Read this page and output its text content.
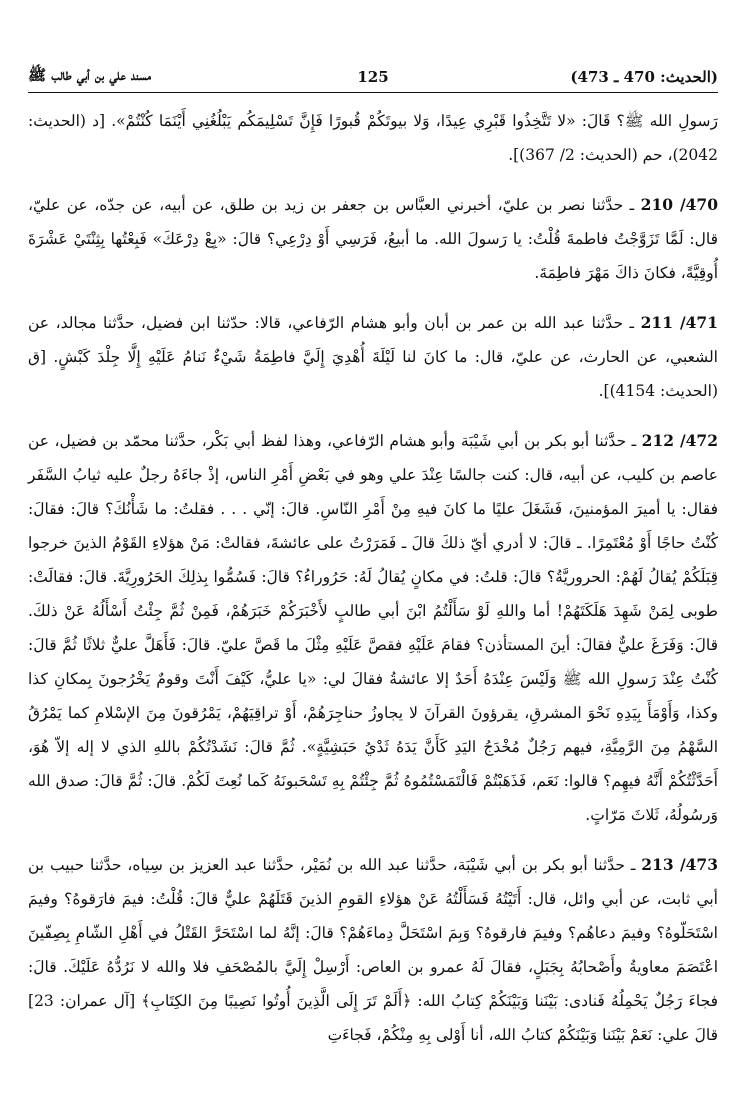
مسند علي بن أبي طالب ﷺ	125	(الحديث: 470 ـ 473)

رَسولِ الله ﷺ؟ قَالَ: «لا تَتَّخِذُوا قَبْرِي عِيدًا، وَلا بيوتَكُمْ قُبورًا فَإِنَّ تَسْلِيمَكُم يَبْلُغُنِي أَيْنَمَا كُنْتُمْ». [د (الحديث: 2042)، حم (الحديث: 2/ 367)].

470/ 210 ـ حدَّثنا نصر بن عليّ، أخبرني العبَّاس بن جعفر بن زيد بن طلق، عن أبيه، عن جدّه، عن عليّ، قال: لَمَّا تَزَوَّجْتُ فاطمةَ قُلْتُ: يا رَسولَ الله. ما أبيعُ، فَرَسِي أَوْ دِرْعِي؟ قالَ: «بِعْ دِرْعَكَ» فَبِعْتُها بِثِنْتَيْ عَشْرَةَ أُوقِيَّةً، فكانَ ذاكَ مَهْرَ فاطِمَةَ.

471/ 211 ـ حدَّثنا عبد الله بن عمر بن أبان وأبو هشام الرّفاعي، قالا: حدّثنا ابن فضيل، حدَّثنا مجالد، عن الشعبي، عن الحارث، عن عليّ، قال: ما كانَ لنا لَيْلَةَ أُهْدِيَ إِلَيَّ فاطِمَةُ شَيْءٌ نَنامُ عَلَيْهِ إِلَّا جِلْدَ كَبْشٍ. [ق (الحديث: 4154)].

472/ 212 ـ حدَّثنا أبو بكر بن أبي شَيْبَة وأبو هشام الرّفاعي، وهذا لفظ أبي بَكْر، حدَّثنا محمّد بن فضيل، عن عاصم بن كليب، عن أبيه، قال: كنت جالسًا عِنْدَ علي وهو في بَعْضِ أَمْرِ الناس، إذْ جاءَهُ رجلٌ عليه ثيابُ السَّفَر فقال: يا أميرَ المؤمنينَ، فَشَغَلَ عليًا ما كانَ فيهِ مِنْ أَمْرِ النّاسِ. قالَ: إنّي . . . فقلتُ: ما شَأْنُكَ؟ قالَ: فقالَ: كُنْتُ حاجًا أَوْ مُعْتَمِرًا. ـ قالَ: لا أدري أيّ ذلكَ قالَ ـ فَمَرَرْتُ على عائشةَ، فقالتْ: مَنْ هؤلاءِ القَوْمُ الذينَ خرجوا قِبَلَكُمْ يُقالُ لَهُمْ: الحروريَّةُ؟ قالَ: قلتُ: في مكانٍ يُقالُ لَهُ: حَرُوراءُ؟ قالَ: فَسُمُّوا بِذلِكَ الحَرُورِيَّةَ. قالَ: فقالَتْ: طوبى لِمَنْ شَهِدَ هَلَكَتَهُمْ! أما واللهِ لَوْ سَأَلْتُمُ ابْنَ أبي طالبٍ لأَخْبَرَكُمْ خَبَرَهُمْ، فَمِنْ ثُمَّ جِئْتُ أَسْأَلُهُ عَنْ ذلكَ. قالَ: وَفَرَغَ عليٌّ فقالَ: أينَ المستأذن؟ فقامَ عَلَيْهِ فقصَّ عَلَيْهِ مِثْلَ ما قَصَّ عليّ. قالَ: فَأَهَلَّ عليٌّ ثلاثًا ثُمَّ قالَ: كُنْتُ عِنْدَ رَسولِ الله ﷺ وَلَيْسَ عِنْدَهُ أَحَدٌ إلا عائشةُ فقالَ لي: «يا عليُّ، كَيْفَ أَنْتَ وقومٌ يَخْرُجونَ بِمكانِ كذا وكذا، وَأَوْمَأَ بِيَدِهِ نَحْوَ المشرقِ، يقرؤونَ القرآنَ لا يجاوزُ حناجِرَهُمْ، أَوْ تراقِيَهُمْ، يَمْرُقونَ مِنَ الإسْلامِ كما يَمْرُقُ السَّهْمُ مِنَ الرَّمِيَّةِ، فيهم رَجُلٌ مُخْدَجُ اليَدِ كَأَنَّ يَدَهُ ثَدْيُ حَبَشِيَّةٍ». ثُمَّ قالَ: نَشَدْتُكُمْ باللهِ الذي لا إله إلاّ هُوَ، أَحَدَّثْتُكُمْ أَنَّهُ فيهِم؟ قالوا: نَعَم، فَذَهَبْتُمْ فَالْتَمَسْتُمُوهُ ثُمَّ جِئْتُمْ بِهِ تَسْحَبونَهُ كَما نُعِتَ لَكُمْ. قالَ: ثُمَّ قالَ: صدق الله وَرسُولُهُ، ثَلاثَ مَرّاتٍ.

473/ 213 ـ حدَّثنا أبو بكر بن أبي شَيْبَة، حدَّثنا عبد الله بن نُمَيْر، حدَّثنا عبد العزيز بن سِياه، حدَّثنا حبيب بن أبي ثابت، عن أبي وائل، قال: أَتَيْتُهُ فَسَأَلْتُهُ عَنْ هؤلاءِ القومِ الذينَ قَتَلَهُمْ عليٌّ قالَ: قُلْتُ: فيمَ فارَقوهُ؟ وفيمَ اسْتَحَلّوهُ؟ وفيمَ دعاهُم؟ وفيمَ فارقوهُ؟ وَبِمَ اسْتَحَلَّ دِماءَهُمْ؟ قالَ: إنَّهُ لما اسْتَحَرَّ القَتْلُ في أَهْلِ الشّامِ بِصِفّينَ اعْتَصَمَ معاويةُ وأَصْحابُهُ بِجَبَلٍ، فقالَ لَهُ عمرو بن العاص: أَرْسِلْ إِلَيَّ بالمُصْحَفِ فلا والله لا نَرُدُّهُ عَلَيْكَ. قالَ: فجاءَ رَجُلٌ يَحْمِلُهُ فَنادى: بَيْنَنا وَبَيْنَكُمْ كِتابُ الله: ﴿أَلَمْ تَرَ إِلَى الَّذِينَ أُوتُوا نَصِيبًا مِنَ الكِتَابِ﴾ [آل عمران: 23] قالَ علي: نَعَمْ بَيْنَنا وَبَيْنَكُمْ كتابُ الله، أنا أَوْلى بِهِ مِنْكُمْ، فَجاءَتِ
